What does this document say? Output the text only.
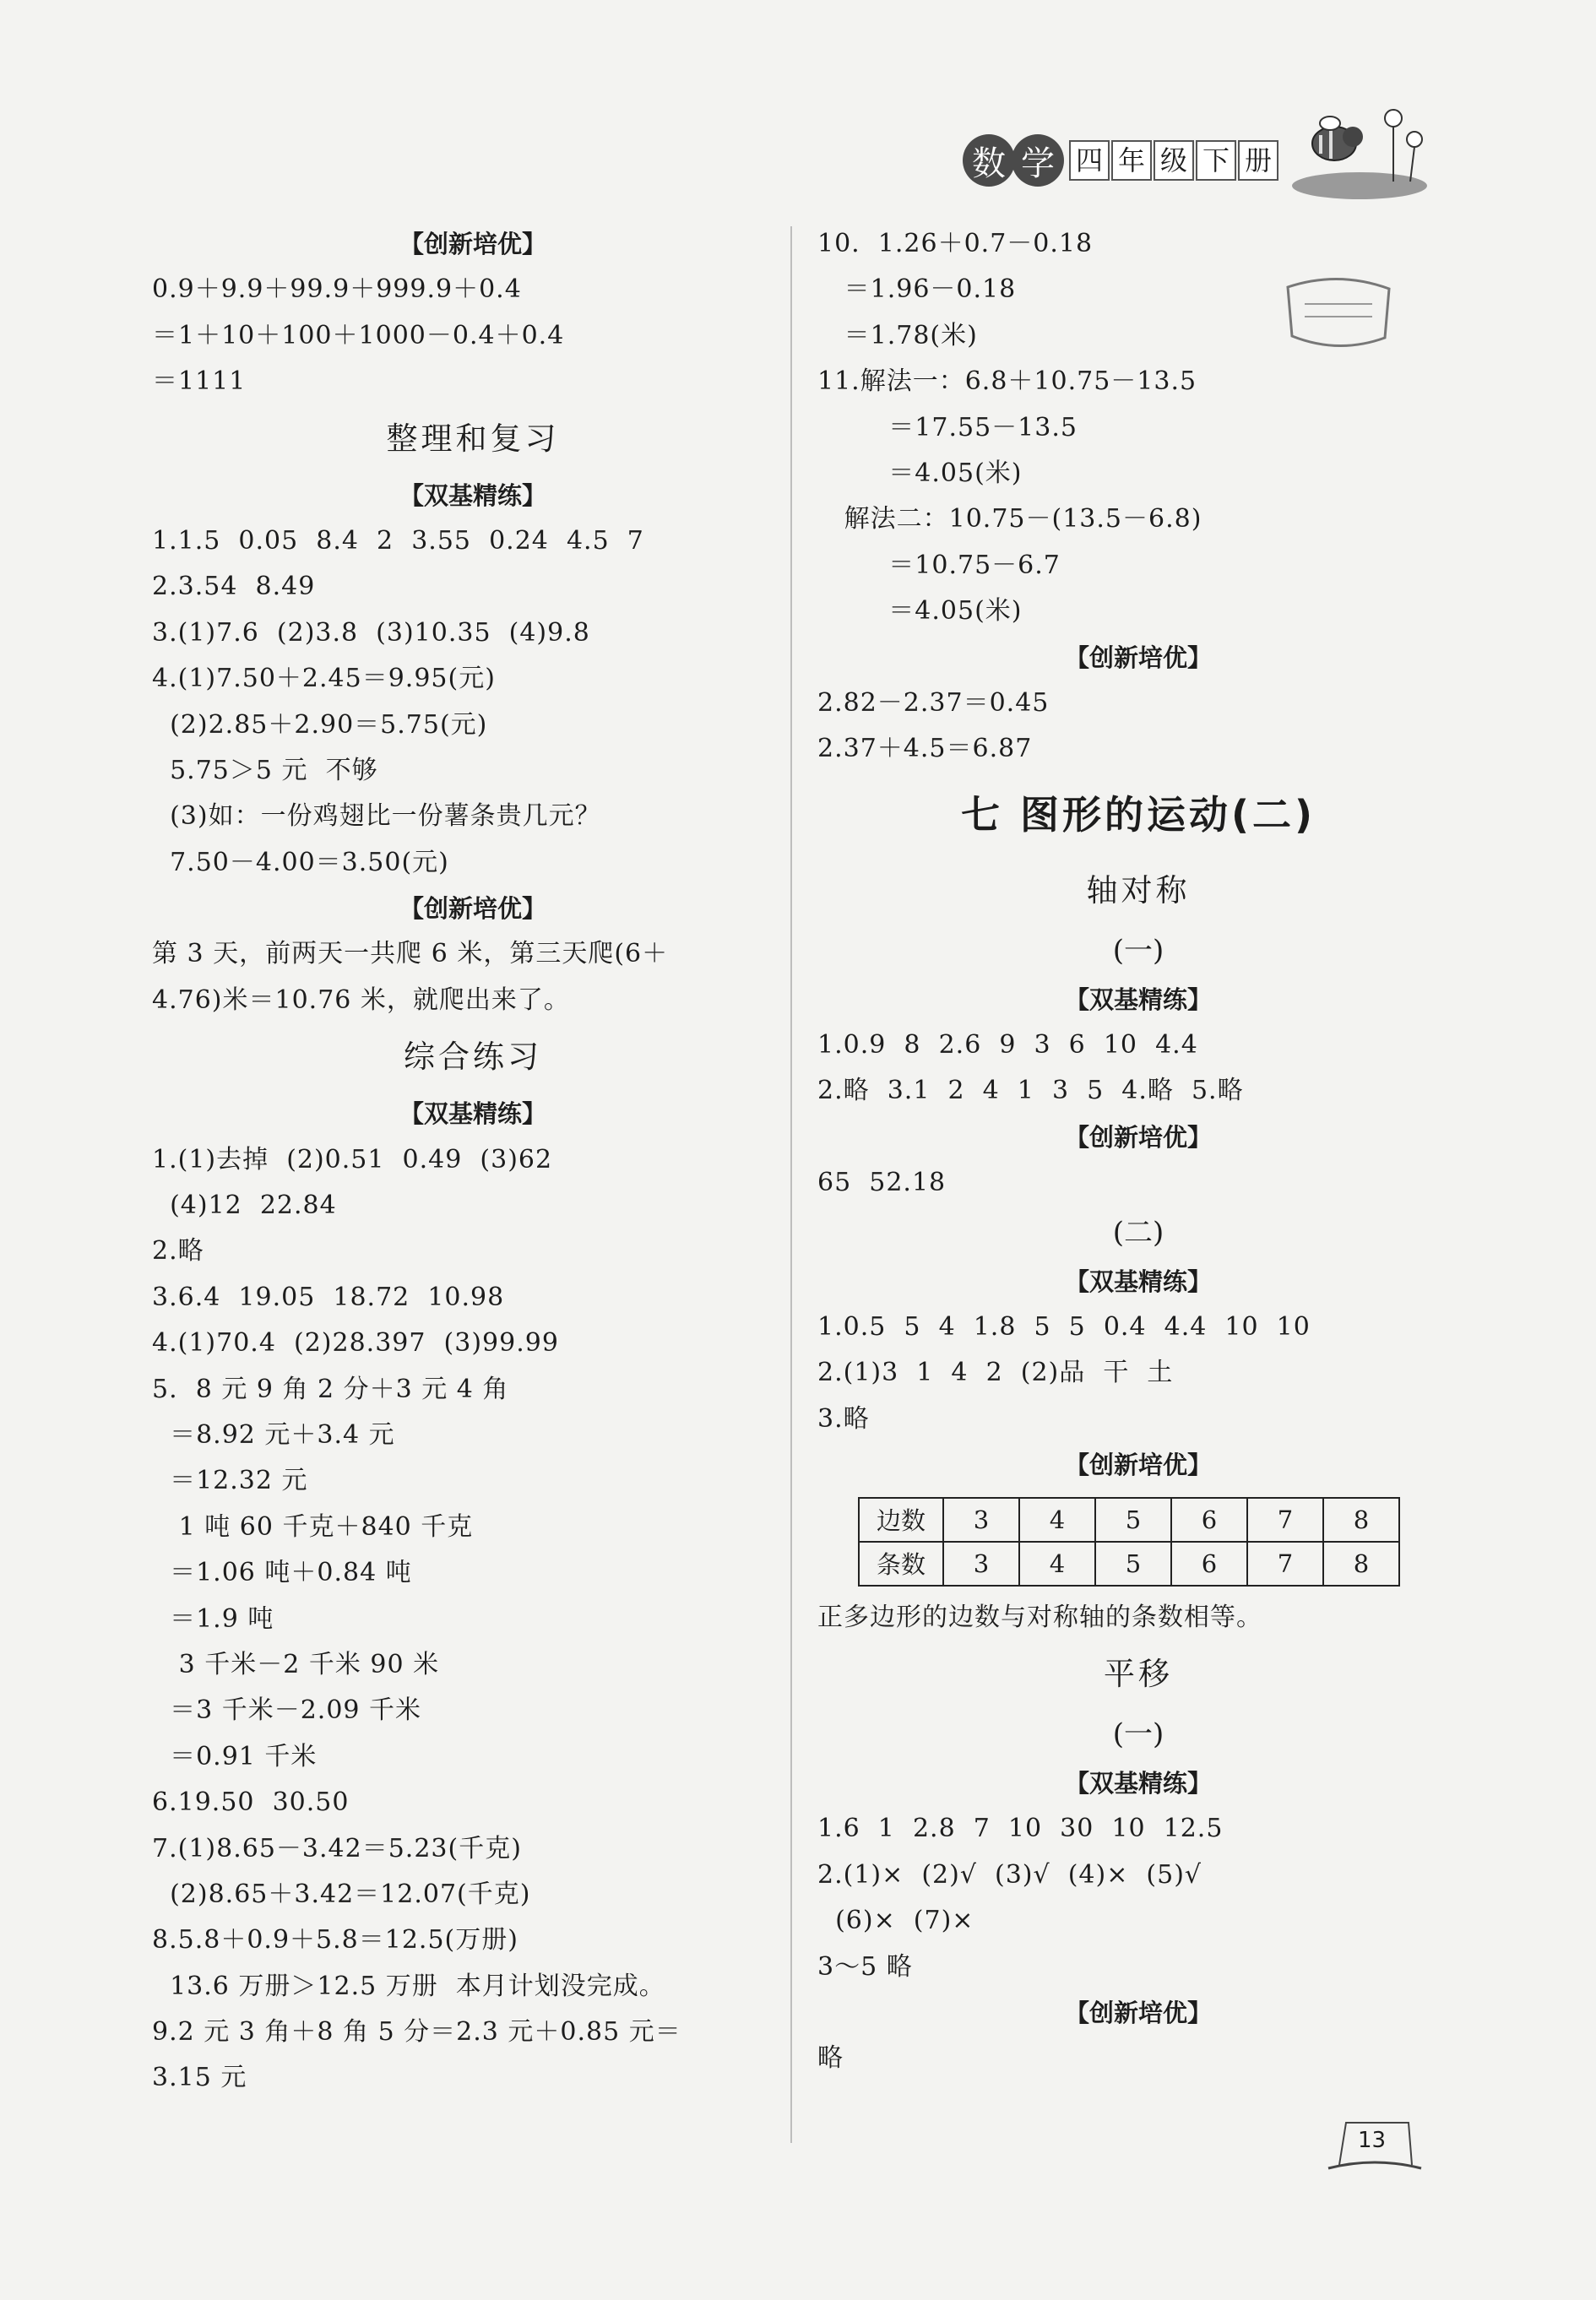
数 学 四 年 级 下 册
【创新培优】
0.9＋9.9＋99.9＋999.9＋0.4
＝1＋10＋100＋1000－0.4＋0.4
＝1111
整理和复习
【双基精练】
1.1.5  0.05  8.4  2  3.55  0.24  4.5  7
2.3.54  8.49
3.(1)7.6  (2)3.8  (3)10.35  (4)9.8
4.(1)7.50＋2.45＝9.95(元)
(2)2.85＋2.90＝5.75(元)
5.75＞5 元  不够
(3)如：一份鸡翅比一份薯条贵几元？
7.50－4.00＝3.50(元)
【创新培优】
第 3 天，前两天一共爬 6 米，第三天爬(6＋
4.76)米＝10.76 米，就爬出来了。
综合练习
【双基精练】
1.(1)去掉  (2)0.51  0.49  (3)62
(4)12  22.84
2.略
3.6.4  19.05  18.72  10.98
4.(1)70.4  (2)28.397  (3)99.99
5.  8 元 9 角 2 分＋3 元 4 角
＝8.92 元＋3.4 元
＝12.32 元
1 吨 60 千克＋840 千克
＝1.06 吨＋0.84 吨
＝1.9 吨
3 千米－2 千米 90 米
＝3 千米－2.09 千米
＝0.91 千米
6.19.50  30.50
7.(1)8.65－3.42＝5.23(千克)
(2)8.65＋3.42＝12.07(千克)
8.5.8＋0.9＋5.8＝12.5(万册)
13.6 万册＞12.5 万册  本月计划没完成。
9.2 元 3 角＋8 角 5 分＝2.3 元＋0.85 元＝
3.15 元
10.  1.26＋0.7－0.18
＝1.96－0.18
＝1.78(米)
11.解法一：6.8＋10.75－13.5
＝17.55－13.5
＝4.05(米)
解法二：10.75－(13.5－6.8)
＝10.75－6.7
＝4.05(米)
【创新培优】
2.82－2.37＝0.45
2.37＋4.5＝6.87
七 图形的运动(二)
轴对称
(一)
【双基精练】
1.0.9  8  2.6  9  3  6  10  4.4
2.略  3.1  2  4  1  3  5  4.略  5.略
【创新培优】
65  52.18
(二)
【双基精练】
1.0.5  5  4  1.8  5  5  0.4  4.4  10  10
2.(1)3  1  4  2  (2)品  干  土
3.略
【创新培优】
边数	3	4	5	6	7	8
条数	3	4	5	6	7	8
正多边形的边数与对称轴的条数相等。
平移
(一)
【双基精练】
1.6  1  2.8  7  10  30  10  12.5
2.(1)×  (2)√  (3)√  (4)×  (5)√
(6)×  (7)×
3～5 略
【创新培优】
略
13
